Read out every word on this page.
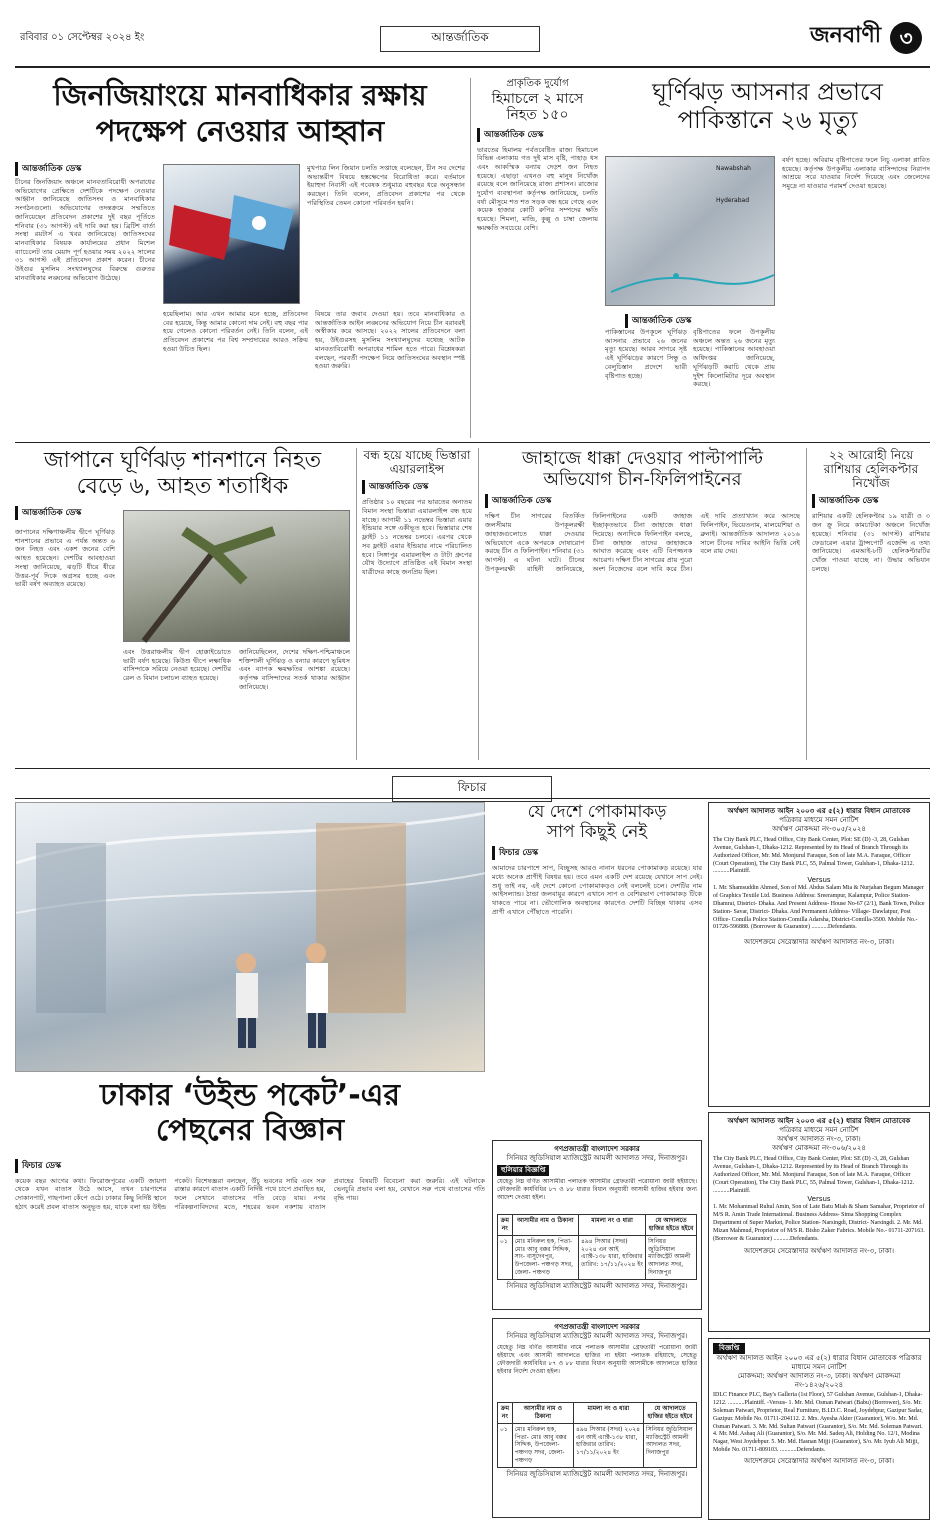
রবিবার ০১ সেপ্টেম্বর ২০২৪ ইং	আন্তর্জাতিক	জনবাণী ৩
জিনজিয়াংয়ে মানবাধিকার রক্ষায়
পদক্ষেপ নেওয়ার আহ্বান
আন্তর্জাতিক ডেস্ক
চীনের জিনজিয়াং অঞ্চলে মানবতাবিরোধী অপরাধের অভিযোগের প্রেক্ষিতে দেশটিকে পদক্ষেপ নেওয়ার আহ্বান জানিয়েছে জাতিসংঘ ও মানবাধিকার সংগঠনগুলো। অভিযোগের তদন্তক্রমে সম্মতিতে জানিয়েছেন প্রতিবেদন প্রকাশের দুই বছর পূর্তিতে শনিবার (৩১ আগস্ট) এই দাবি করা হয়। ব্রিটিশ বার্তা সংস্থা রয়টার্স এ খবর জানিয়েছে। জাতিসংঘের মানবাধিকার বিষয়ক কার্যালয়ের প্রধান মিশেল ব্যাচেলেট তার মেয়াদ পূর্ণ হওয়ার সময় ২০২২ সালের ৩১ আগস্ট এই প্রতিবেদন প্রকাশ করেন। চীনের উইগুর মুসলিম সংখ্যালঘুদের বিরুদ্ধে গুরুতর মানবাধিকার লঙ্ঘনের অভিযোগ উঠেছে।
মুখপাত্র লিন জিয়ান চলতি সপ্তাহে বলেছেন, চীন সব দেশের অভ্যন্তরীণ বিষয়ে হস্তক্ষেপের বিরোধিতা করে। বর্তমানে ইয়াহুদা নিবাসী এই গবেষক শুধুমাত্র বহুবছর ধরে অনুসন্ধান করছেন। তিনি বলেন, প্রতিবেদন প্রকাশের পর থেকে পরিস্থিতির তেমন কোনো পরিবর্তন হয়নি।
হয়েছিলাম। আর এখন আমার মনে হচ্ছে, প্রতিবেদন বের হয়েছে, কিন্তু আমার কোনো দাম নেই। বহু বছর পার হয়ে গেলেও কোনো পরিবর্তন নেই। তিনি বলেন, এই প্রতিবেদন প্রকাশের পর বিশ্ব সম্প্রদায়ের আরও সক্রিয় হওয়া উচিত ছিল।
বিষয়ে তার জবাব দেওয়া হয়। তবে মানবাধিকার ও আন্তর্জাতিক আইন লঙ্ঘনের অভিযোগ নিয়ে চীন বরাবরই অস্বীকার করে আসছে। ২০২২ সালের প্রতিবেদনে বলা হয়, উইগুরসহ মুসলিম সংখ্যালঘুদের যথেচ্ছ আটক মানবতাবিরোধী অপরাধের শামিল হতে পারে। বিশ্লেষকরা বলছেন, পরবর্তী পদক্ষেপ নিয়ে জাতিসংঘের অবস্থান স্পষ্ট হওয়া জরুরি।
প্রাকৃতিক দুর্যোগ
হিমাচলে ২ মাসে নিহত ১৫০
আন্তর্জাতিক ডেস্ক
ভারতের হিমালয় পর্বতবেষ্টিত রাজ্য হিমাচলে বিভিন্ন এলাকায় গত দুই মাস বৃষ্টি, পাহাড় ধস এবং আকস্মিক বন্যায় দেড়শ জন নিহত হয়েছে। এছাড়া এখনও বহু মানুষ নিখোঁজ রয়েছে বলে জানিয়েছে রাজ্য প্রশাসন। রাজ্যের দুর্যোগ ব্যবস্থাপনা কর্তৃপক্ষ জানিয়েছে, চলতি বর্ষা মৌসুমে শত শত সড়ক বন্ধ হয়ে গেছে এবং কয়েক হাজার কোটি রুপির সম্পদের ক্ষতি হয়েছে। শিমলা, মান্ডি, কুল্লু ও চাম্বা জেলায় ক্ষয়ক্ষতি সবচেয়ে বেশি।
ঘূর্ণিঝড় আসনার প্রভাবে
পাকিস্তানে ২৬ মৃত্যু
Nawabshah
Hyderabad
আন্তর্জাতিক ডেস্ক
পাকিস্তানের উপকূলে ঘূর্ণিঝড় আসনার প্রভাবে ২৬ জনের মৃত্যু হয়েছে। আরব সাগরে সৃষ্ট এই ঘূর্ণিঝড়ের কারণে সিন্ধু ও বেলুচিস্তান প্রদেশে ভারী বৃষ্টিপাত হচ্ছে।
বৃষ্টিপাতের ফলে উপকূলীয় অঞ্চলে অন্তত ২৬ জনের মৃত্যু হয়েছে। পাকিস্তানের আবহাওয়া অধিদপ্তর জানিয়েছে, ঘূর্ণিঝড়টি করাচি থেকে প্রায় দুইশ কিলোমিটার দূরে অবস্থান করছে।
বর্ষণ হচ্ছে। অবিরাম বৃষ্টিপাতের ফলে নিচু এলাকা প্লাবিত হয়েছে। কর্তৃপক্ষ উপকূলীয় এলাকার বাসিন্দাদের নিরাপদ আশ্রয়ে সরে যাওয়ার নির্দেশ দিয়েছে এবং জেলেদের সমুদ্রে না যাওয়ার পরামর্শ দেওয়া হয়েছে।
জাপানে ঘূর্ণিঝড় শানশানে নিহত
বেড়ে ৬, আহত শতাধিক
আন্তর্জাতিক ডেস্ক
জাপানের দক্ষিণাঞ্চলীয় দ্বীপে ঘূর্ণিঝড় শানশানের প্রভাবে এ পর্যন্ত অন্তত ৬ জন নিহত এবং একশ জনের বেশি আহত হয়েছেন। দেশটির আবহাওয়া সংস্থা জানিয়েছে, ঝড়টি ধীরে ধীরে উত্তর-পূর্ব দিকে অগ্রসর হচ্ছে এবং ভারী বর্ষণ অব্যাহত রয়েছে।
এবং উত্তরাঞ্চলীয় দ্বীপ হোক্কাইডোতে ভারী বর্ষণ হয়েছে। কিউশু দ্বীপে লক্ষাধিক বাসিন্দাকে সরিয়ে নেওয়া হয়েছে। দেশটির রেল ও বিমান চলাচল ব্যাহত হয়েছে।
জানিয়েছিলেন, দেশের দক্ষিণ-পশ্চিমাঞ্চলে শক্তিশালী ঘূর্ণিঝড় ও বন্যার কারণে ভূমিধস এবং ব্যাপক ক্ষয়ক্ষতির আশঙ্কা রয়েছে। কর্তৃপক্ষ বাসিন্দাদের সতর্ক থাকার আহ্বান জানিয়েছে।
বন্ধ হয়ে যাচ্ছে ভিস্তারা এয়ারলাইন্স
আন্তর্জাতিক ডেস্ক
প্রতিষ্ঠার ১০ বছরের পর ভারতের অন্যতম বিমান সংস্থা ভিস্তারা এয়ারলাইন্স বন্ধ হয়ে যাচ্ছে। আগামী ১১ নভেম্বর ভিস্তারা এয়ার ইন্ডিয়ার সঙ্গে একীভূত হবে। ভিস্তারার শেষ ফ্লাইট ১১ নভেম্বর চলবে। এরপর থেকে সব ফ্লাইট এয়ার ইন্ডিয়ার নামে পরিচালিত হবে। সিঙ্গাপুর এয়ারলাইন্স ও টাটা গ্রুপের যৌথ উদ্যোগে প্রতিষ্ঠিত এই বিমান সংস্থা যাত্রীদের কাছে জনপ্রিয় ছিল।
জাহাজে ধাক্কা দেওয়ার পাল্টাপাল্টি
অভিযোগ চীন-ফিলিপাইনের
আন্তর্জাতিক ডেস্ক
দক্ষিণ চীন সাগরের বিতর্কিত জলসীমায় উপকূলরক্ষী জাহাজগুলোতে ধাক্কা দেওয়ার অভিযোগে একে অপরকে দোষারোপ করছে চীন ও ফিলিপাইন। শনিবার (৩১ আগস্ট) এ ঘটনা ঘটে। চীনের উপকূলরক্ষী বাহিনী জানিয়েছে, ফিলিপাইনের একটি জাহাজ ইচ্ছাকৃতভাবে চীনা জাহাজে ধাক্কা দিয়েছে। অন্যদিকে ফিলিপাইন বলছে, চীনা জাহাজ তাদের জাহাজকে আঘাত করেছে এবং এটি বিপজ্জনক আচরণ। দক্ষিণ চীন সাগরের প্রায় পুরো অংশ নিজেদের বলে দাবি করে চীন। এই দাবি প্রত্যাখ্যান করে আসছে ফিলিপাইন, ভিয়েতনাম, মালয়েশিয়া ও ব্রুনাই। আন্তর্জাতিক আদালত ২০১৬ সালে চীনের দাবির আইনি ভিত্তি নেই বলে রায় দেয়।
২২ আরোহী নিয়ে রাশিয়ার হেলিকপ্টার নিখোঁজ
আন্তর্জাতিক ডেস্ক
রাশিয়ার একটি হেলিকপ্টার ১৯ যাত্রী ও ৩ জন ক্রু নিয়ে কামচাটকা অঞ্চলে নিখোঁজ হয়েছে। শনিবার (৩১ আগস্ট) রাশিয়ার ফেডারেল এয়ার ট্রান্সপোর্ট এজেন্সি এ তথ্য জানিয়েছে। এমআই-৮টি হেলিকপ্টারটির খোঁজ পাওয়া যাচ্ছে না। উদ্ধার অভিযান চলছে।
ফিচার
ঢাকার ‘উইন্ড পকেট’-এর
পেছনের বিজ্ঞান
ফিচার ডেস্ক
কয়েক বছর আগের কথা। ফিরোজপুরের একটি জায়গা থেকে যখন বাতাস উঠে আসে, তখন চারপাশের দোকানপাট, গাছপালা কেঁপে ওঠে। ঢাকার কিছু নির্দিষ্ট স্থানে হঠাৎ করেই প্রবল বাতাস অনুভূত হয়, যাকে বলা হয় উইন্ড পকেট। বিশেষজ্ঞরা বলছেন, উঁচু ভবনের সারি এবং সরু রাস্তার কারণে বাতাস একটি নির্দিষ্ট পথে চাপে প্রবাহিত হয়, ফলে সেখানে বাতাসের গতি বেড়ে যায়। নগর পরিকল্পনাবিদদের মতে, শহরের ভবন নকশায় বাতাস প্রবাহের বিষয়টি বিবেচনা করা জরুরি। এই ঘটনাকে ভেনচুরি প্রভাব বলা হয়, যেখানে সরু পথে বাতাসের গতি বৃদ্ধি পায়।
যে দেশে পোকামাকড়
সাপ কিছুই নেই
ফিচার ডেস্ক
আমাদের চারপাশে সাপ, বিচ্ছুসহ আরও নানান ধরনের পোকামাকড় রয়েছে। যার মধ্যে অনেক প্রাণীই বিষধর হয়। তবে এমন একটি দেশ রয়েছে যেখানে সাপ নেই। শুধু তাই নয়, এই দেশে কোনো পোকামাকড়ও নেই বললেই চলে। দেশটির নাম আইসল্যান্ড। ঠান্ডা জলবায়ুর কারণে এখানে সাপ ও বেশিরভাগ পোকামাকড় টিকে থাকতে পারে না। ভৌগোলিক অবস্থানের কারণেও দেশটি বিচ্ছিন্ন থাকায় এসব প্রাণী এখানে পৌঁছাতে পারেনি।
গণপ্রজাতন্ত্রী বাংলাদেশ সরকার
সিনিয়র জুডিসিয়াল ম্যাজিস্ট্রেট আমলী আদালত সদর, দিনাজপুর।
হুলিয়ার বিজ্ঞপ্তি
যেহেতু নিম্ন বর্ণিত আসামীরা পলাতক আসামীর গ্রেফতারী পরোয়ানা জারী হইয়াছে। ফৌজদারী কার্যবিধির ৮৭ ও ৮৮ ধারার বিধান অনুযায়ী আসামী হাজির হইবার জন্য আদেশ দেওয়া হইল।
ক্রম নং	আসামীর নাম ও ঠিকানা	মামলা নং ও ধারা	যে আদালতে হাজির হইতে হইবে
০১	মোঃ মনিরুল হক, পিতা- মোঃ আবু বক্কর সিদ্দিক, সাং- বাসুদেবপুর, উপজেলা- পঞ্চগড় সদর, জেলা- পঞ্চগড়	৪৯৪ সিআর (সদর) ২০২৪ এন আই এ্যাক্ট-১৩৮ ধারা, হাজিরার তারিখ: ১৭/১১/২০২৪ ইং	সিনিয়র জুডিসিয়াল ম্যাজিস্ট্রেট আমলী আদালত সদর, দিনাজপুর
সিনিয়র জুডিসিয়াল ম্যাজিস্ট্রেট আমলী আদালত সদর, দিনাজপুর।
গণপ্রজাতন্ত্রী বাংলাদেশ সরকার
সিনিয়র জুডিসিয়াল ম্যাজিস্ট্রেট আমলী আদালত সদর, দিনাজপুর।
যেহেতু নিম্ন বর্ণিত আসামীর নামে পলাতক আসামীর গ্রেফতারী পরোয়ানা জারী হইয়াছে এবং আসামী আদালতে হাজির না হইয়া পলাতক রহিয়াছে, সেহেতু ফৌজদারী কার্যবিধির ৮৭ ও ৮৮ ধারার বিধান অনুযায়ী আসামীকে আদালতে হাজির হইবার নির্দেশ দেওয়া হইল।
ক্রম নং	আসামীর নাম ও ঠিকানা	মামলা নং ও ধারা	যে আদালতে হাজির হইতে হইবে
০১	মোঃ মনিরুল হক, পিতা- মোঃ আবু বক্কর সিদ্দিক, উপজেলা- পঞ্চগড় সদর, জেলা- পঞ্চগড়	৪৯৪ সিআর (সদর) ২০২৪ এন আই এ্যাক্ট-১৩৮ ধারা, হাজিরার তারিখ: ১৭/১১/২০২৪ ইং	সিনিয়র জুডিসিয়াল ম্যাজিস্ট্রেট আমলী আদালত সদর, দিনাজপুর
সিনিয়র জুডিসিয়াল ম্যাজিস্ট্রেট আমলী আদালত সদর, দিনাজপুর।
অর্থঋণ আদালত আইন ২০০৩ এর ৫(২) ধারার বিধান মোতাবেক
পত্রিকার মাধ্যমে সমন নোটিশ
অর্থঋণ মোকদ্দমা নং-৩০৫/২০২৪
The City Bank PLC, Head Office, City Bank Center, Plot: SE (D) -3, 28, Gulshan Avenue, Gulshan-1, Dhaka-1212. Represented by its Head of Branch Through its Authorized Officer, Mr. Md. Monjurul Faraque, Son of late M.A. Faraque, Officer (Court Operation), The City Bank PLC, 55, Palmal Tower, Gulshan-1, Dhaka-1212. ...........Plaintiff.
Versus
1. Mr. Shamsuddin Ahmed, Son of Md. Abdus Salam Mia & Nurjahan Begum Manager of Graphics Textile Ltd. Business Address: Sreerampur, Kalampur, Police Station-Dhamrai, District- Dhaka. And Present Address- House No-67 (2/1), Bank Town, Police Station- Savar, District- Dhaka. And Permanent Address- Village- Dawlatpur, Post Office- Comilla Police Station-Comilla Adarsha, District-Comilla-3500. Mobile No.- 01726-596888. (Borrower & Guarantor) ...........Defendants.
আদেশক্রমে সেরেস্তাদার অর্থঋণ আদালত নং-৩, ঢাকা।
অর্থঋণ আদালত আইন ২০০৩ এর ৫(২) ধারার বিধান মোতাবেক
পত্রিকার মাধ্যমে সমন নোটিশ
অর্থঋণ আদালত নং-৩, ঢাকা।
অর্থঋণ মোকদ্দমা নং-৩০৬/২০২৪
The City Bank PLC, Head Office, City Bank Center, Plot: SE (D) -3, 28, Gulshan Avenue, Gulshan-1, Dhaka-1212. Represented by its Head of Branch Through its Authorized Officer, Mr. Md. Monjurul Faraque, Son of late M.A. Faraque, Officer (Court Operation), The City Bank PLC, 55, Palmal Tower, Gulshan-1, Dhaka-1212. ...........Plaintiff.
Versus
1. Mr. Mohammad Ruhul Amin, Son of Late Batu Miah & Sham Samahar, Proprietor of M/S R. Amin Trade International. Business Address- Sima Shopping Complex Department of Super Market, Police Station- Narsingdi, District- Narsingdi. 2. Mr. Md. Mizan Mahmud, Proprietor of M/S R. Bisho Zaker Fabrics. Mobile No.- 01711-207163. (Borrower & Guarantor) ...........Defendants.
আদেশক্রমে সেরেস্তাদার অর্থঋণ আদালত নং-৩, ঢাকা।
বিজ্ঞপ্তি
অর্থঋণ আদালত আইন ২০০৩ এর ৫(২) ধারার বিধান মোতাবেক পত্রিকার মাধ্যমে সমন নোটিশ
মোকদ্দমা: অর্থঋণ আদালত নং-৩, ঢাকা। অর্থঋণ মোকদ্দমা নং-১৪২৬/২০২৪
IDLC Finance PLC, Bay's Galleria (1st Floor), 57 Gulshan Avenue, Gulshan-1, Dhaka-1212. ...........Plaintiff. -Versus- 1. Mr. Md. Osman Patwari (Babu) (Borrower), S/o. Mr. Soleman Patwari, Proprietor, Real Furniture, B.I.D.C. Road, Joydebpur, Gazipur Sadar, Gazipur. Mobile No. 01711-204112. 2. Mrs. Ayesha Akter (Guarantor), W/o. Mr. Md. Osman Patwari. 3. Mr. Md. Sultan Patwari (Guarantor), S/o. Mr. Md. Soleman Patwari. 4. Mr. Md. Ashaq Ali (Guarantor), S/o. Mr. Md. Sadeq Ali, Holding No. 12/1, Modina Nagar, West Joydebpur. 5. Mr. Md. Hasnan Mijji (Guarantor), S/o. Mr. Iyub Ali Mijji, Mobile No. 01711-809103. ...........Defendants.
আদেশক্রমে সেরেস্তাদার অর্থঋণ আদালত নং-৩, ঢাকা।
